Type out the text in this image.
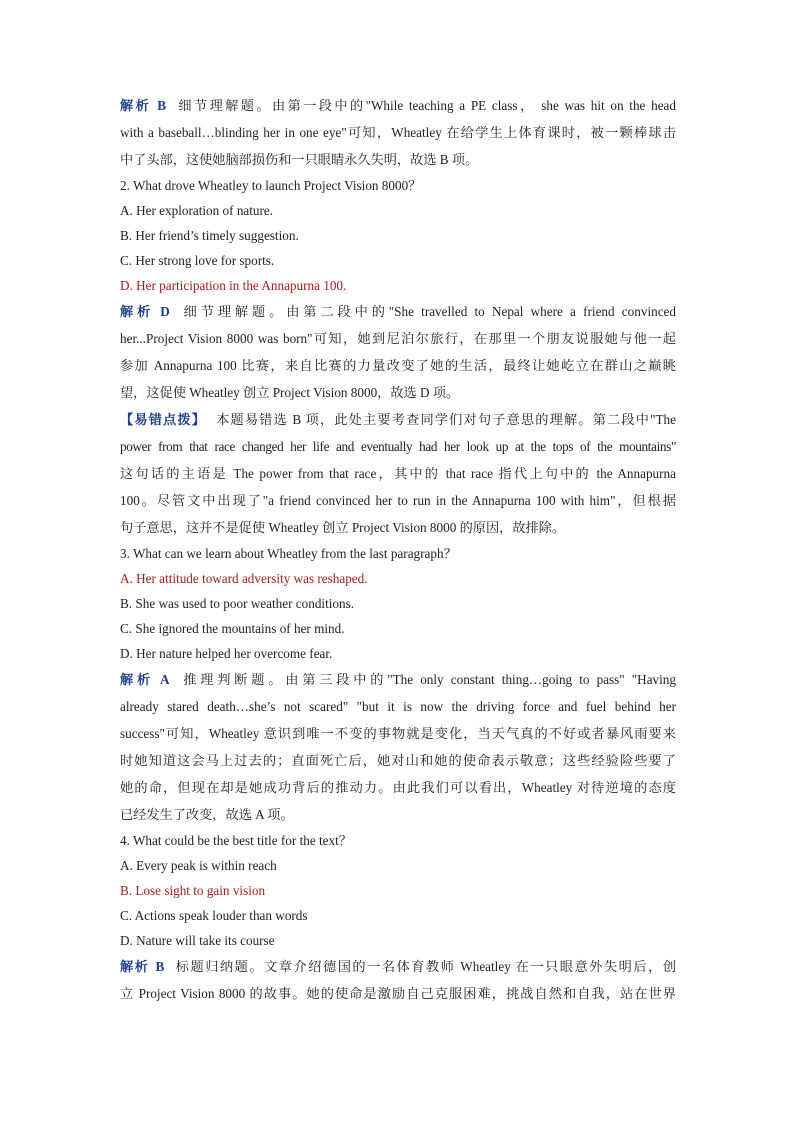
解析 B 细节理解题。由第一段中的"While teaching a PE class， she was hit on the head
with a baseball…blinding her in one eye"可知，Wheatley 在给学生上体育课时，被一颗棒球击
中了头部，这使她脑部损伤和一只眼睛永久失明，故选 B 项。
2. What drove Wheatley to launch Project Vision 8000？
A. Her exploration of nature.
B. Her friend’s timely suggestion.
C. Her strong love for sports.
D. Her participation in the Annapurna 100.
解析 D 细节理解题。由第二段中的"She travelled to Nepal where a friend convinced
her...Project Vision 8000 was born"可知，她到尼泊尔旅行，在那里一个朋友说服她与他一起
参加 Annapurna 100 比赛，来自比赛的力量改变了她的生活，最终让她屹立在群山之巅眺
望，这促使 Wheatley 创立 Project Vision 8000，故选 D 项。
【易错点拨】 本题易错选 B 项，此处主要考查同学们对句子意思的理解。第二段中"The
power from that race changed her life and eventually had her look up at the tops of the mountains"
这句话的主语是 The power from that race，其中的 that race 指代上句中的 the Annapurna
100。尽管文中出现了"a friend convinced her to run in the Annapurna 100 with him"，但根据
句子意思，这并不是促使 Wheatley 创立 Project Vision 8000 的原因，故排除。
3. What can we learn about Wheatley from the last paragraph？
A. Her attitude toward adversity was reshaped.
B. She was used to poor weather conditions.
C. She ignored the mountains of her mind.
D. Her nature helped her overcome fear.
解析 A 推理判断题。由第三段中的"The only constant thing…going to pass" "Having
already stared death…she’s not scared" "but it is now the driving force and fuel behind her
success"可知，Wheatley 意识到唯一不变的事物就是变化，当天气真的不好或者暴风雨要来
时她知道这会马上过去的；直面死亡后，她对山和她的使命表示敬意；这些经验险些要了
她的命，但现在却是她成功背后的推动力。由此我们可以看出，Wheatley 对待逆境的态度
已经发生了改变，故选 A 项。
4. What could be the best title for the text？
A. Every peak is within reach
B. Lose sight to gain vision
C. Actions speak louder than words
D. Nature will take its course
解析 B 标题归纳题。文章介绍德国的一名体育教师 Wheatley 在一只眼意外失明后，创
立 Project Vision 8000 的故事。她的使命是激励自己克服困难，挑战自然和自我，站在世界
